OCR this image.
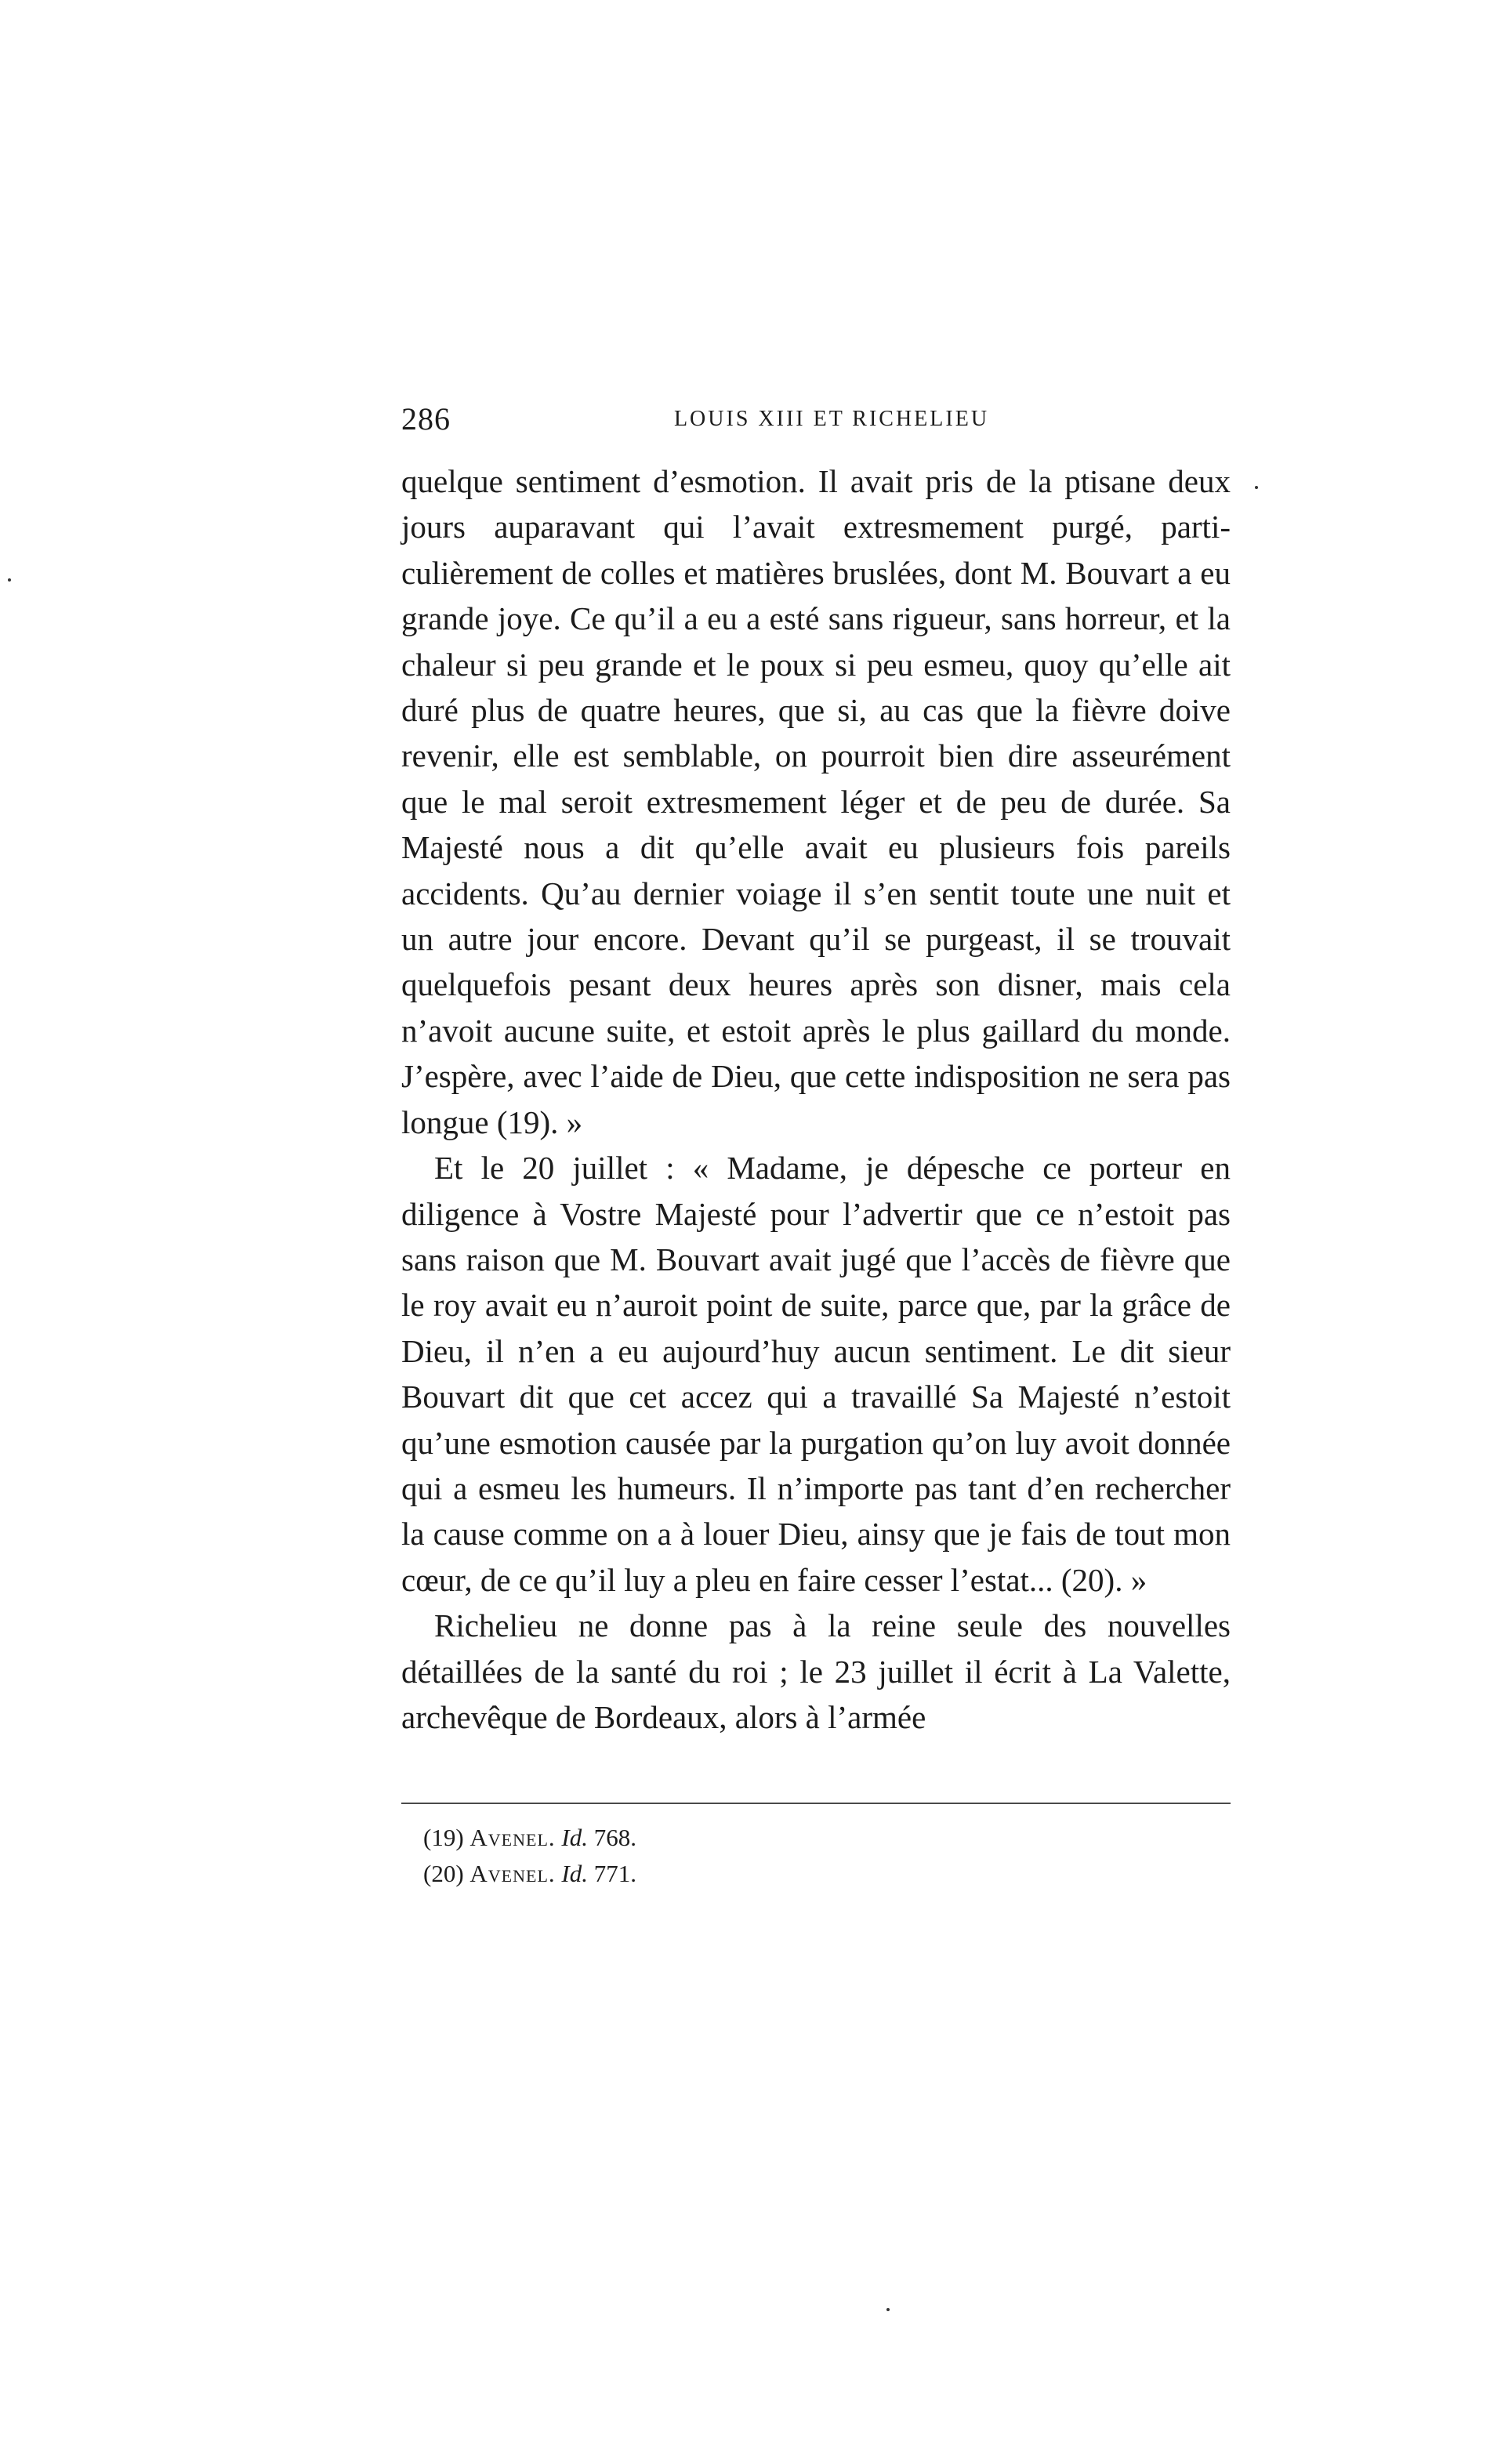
286	LOUIS XIII ET RICHELIEU

quelque sentiment d’esmotion. Il avait pris de la ptisane deux jours auparavant qui l’avait extresmement purgé, particulièrement de colles et matières bruslées, dont M. Bouvart a eu grande joye. Ce qu’il a eu a esté sans rigueur, sans horreur, et la chaleur si peu grande et le poux si peu esmeu, quoy qu’elle ait duré plus de quatre heures, que si, au cas que la fièvre doive revenir, elle est semblable, on pourroit bien dire asseurément que le mal seroit extresmement léger et de peu de durée. Sa Majesté nous a dit qu’elle avait eu plusieurs fois pareils accidents. Qu’au dernier voiage il s’en sentit toute une nuit et un autre jour encore. Devant qu’il se purgeast, il se trouvait quelquefois pesant deux heures après son disner, mais cela n’avoit aucune suite, et estoit après le plus gaillard du monde. J’espère, avec l’aide de Dieu, que cette indisposition ne sera pas longue (19). »

Et le 20 juillet : « Madame, je dépesche ce porteur en diligence à Vostre Majesté pour l’advertir que ce n’estoit pas sans raison que M. Bouvart avait jugé que l’accès de fièvre que le roy avait eu n’auroit point de suite, parce que, par la grâce de Dieu, il n’en a eu aujourd’huy aucun sentiment. Le dit sieur Bouvart dit que cet accez qui a travaillé Sa Majesté n’estoit qu’une esmotion causée par la purgation qu’on luy avoit donnée qui a esmeu les humeurs. Il n’importe pas tant d’en rechercher la cause comme on a à louer Dieu, ainsy que je fais de tout mon cœur, de ce qu’il luy a pleu en faire cesser l’estat... (20). »

Richelieu ne donne pas à la reine seule des nouvelles détaillées de la santé du roi ; le 23 juillet il écrit à La Valette, archevêque de Bordeaux, alors à l’armée

(19) Avenel. Id. 768.

(20) Avenel. Id. 771.
